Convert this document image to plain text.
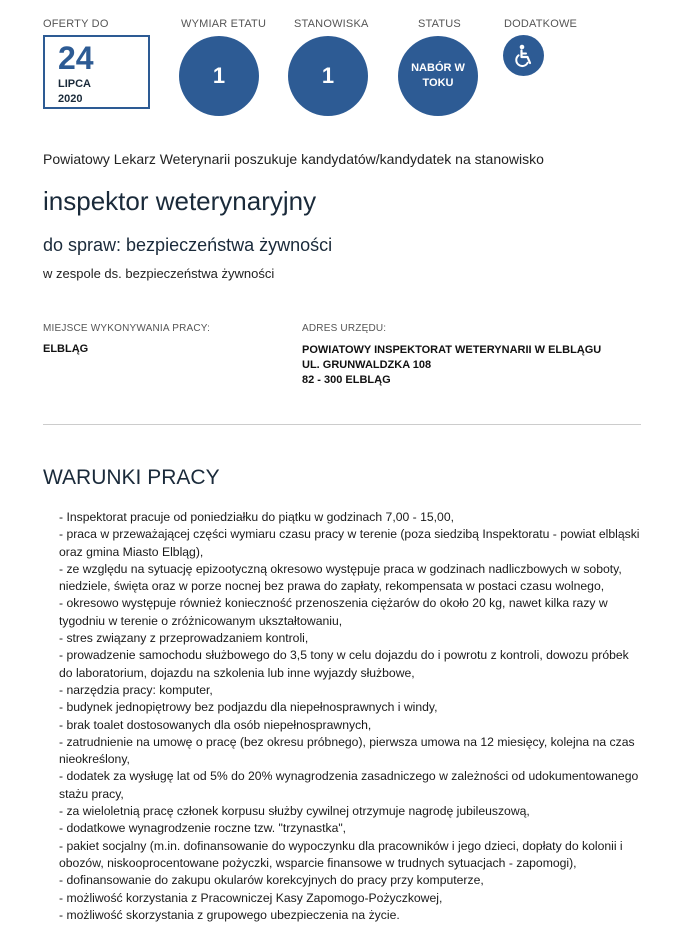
OFERTY DO	WYMIAR ETATU	STANOWISKA	STATUS	DODATKOWE
24
LIPCA
2020
1	1	NABÓR W TOKU
Powiatowy Lekarz Weterynarii poszukuje kandydatów/kandydatek na stanowisko
inspektor weterynaryjny
do spraw: bezpieczeństwa żywności
w zespole ds. bezpieczeństwa żywności
MIEJSCE WYKONYWANIA PRACY:
ELBLĄG
ADRES URZĘDU:
POWIATOWY INSPEKTORAT WETERYNARII W ELBLĄGU
UL. GRUNWALDZKA 108
82 - 300 ELBLĄG
WARUNKI PRACY
- Inspektorat pracuje od poniedziałku do piątku w godzinach 7,00 - 15,00,
- praca w przeważającej części wymiaru czasu pracy w terenie (poza siedzibą Inspektoratu - powiat elbląski oraz gmina Miasto Elbląg),
- ze względu na sytuację epizootyczną okresowo występuje praca w godzinach nadliczbowych w soboty, niedziele, święta oraz w porze nocnej bez prawa do zapłaty, rekompensata w postaci czasu wolnego,
- okresowo występuje również konieczność przenoszenia ciężarów do około 20 kg, nawet kilka razy w tygodniu w terenie o zróżnicowanym ukształtowaniu,
- stres związany z przeprowadzaniem kontroli,
- prowadzenie samochodu służbowego do 3,5 tony w celu dojazdu do i powrotu z kontroli, dowozu próbek do laboratorium, dojazdu na szkolenia lub inne wyjazdy służbowe,
- narzędzia pracy: komputer,
- budynek jednopiętrowy bez podjazdu dla niepełnosprawnych i windy,
- brak toalet dostosowanych dla osób niepełnosprawnych,
- zatrudnienie na umowę o pracę (bez okresu próbnego), pierwsza umowa na 12 miesięcy, kolejna na czas nieokreślony,
- dodatek za wysługę lat od 5% do 20% wynagrodzenia zasadniczego w zależności od udokumentowanego stażu pracy,
- za wieloletnią pracę członek korpusu służby cywilnej otrzymuje nagrodę jubileuszową,
- dodatkowe wynagrodzenie roczne tzw. "trzynastka",
- pakiet socjalny (m.in. dofinansowanie do wypoczynku dla pracowników i jego dzieci, dopłaty do kolonii i obozów, niskooprocentowane pożyczki, wsparcie finansowe w trudnych sytuacjach - zapomogi),
- dofinansowanie do zakupu okularów korekcyjnych do pracy przy komputerze,
- możliwość korzystania z Pracowniczej Kasy Zapomogo-Pożyczkowej,
- możliwość skorzystania z grupowego ubezpieczenia na życie.
